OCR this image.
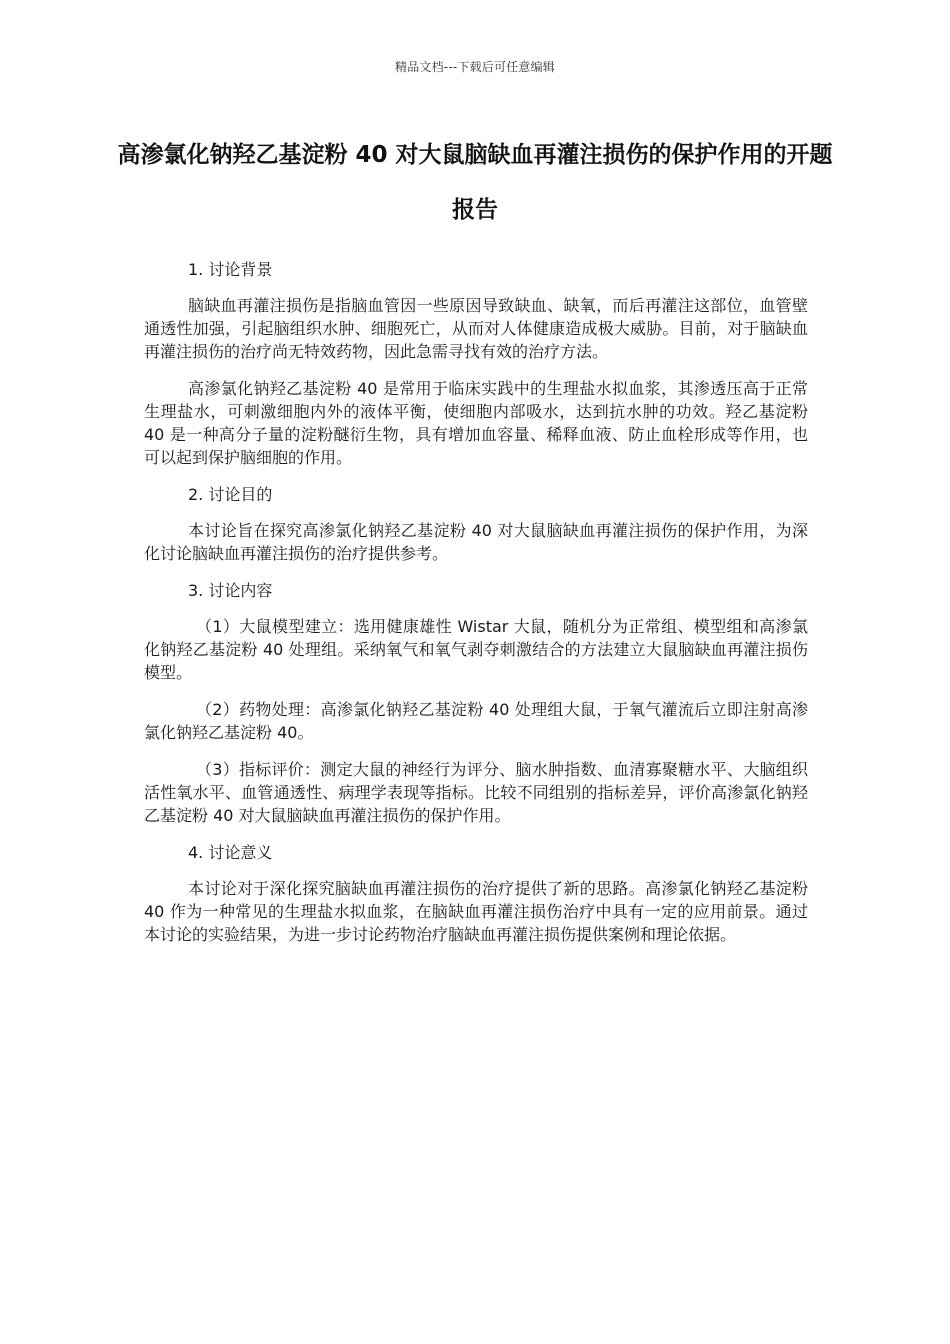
精品文档---下载后可任意编辑
高渗氯化钠羟乙基淀粉 40 对大鼠脑缺血再灌注损伤的保护作用的开题报告

1. 讨论背景

脑缺血再灌注损伤是指脑血管因一些原因导致缺血、缺氧，而后再灌注这部位，血管壁通透性加强，引起脑组织水肿、细胞死亡，从而对人体健康造成极大威胁。目前，对于脑缺血再灌注损伤的治疗尚无特效药物，因此急需寻找有效的治疗方法。

高渗氯化钠羟乙基淀粉 40 是常用于临床实践中的生理盐水拟血浆，其渗透压高于正常生理盐水，可刺激细胞内外的液体平衡，使细胞内部吸水，达到抗水肿的功效。羟乙基淀粉 40 是一种高分子量的淀粉醚衍生物，具有增加血容量、稀释血液、防止血栓形成等作用，也可以起到保护脑细胞的作用。

2. 讨论目的

本讨论旨在探究高渗氯化钠羟乙基淀粉 40 对大鼠脑缺血再灌注损伤的保护作用，为深化讨论脑缺血再灌注损伤的治疗提供参考。

3. 讨论内容

（1）大鼠模型建立：选用健康雄性 Wistar 大鼠，随机分为正常组、模型组和高渗氯化钠羟乙基淀粉 40 处理组。采纳氧气和氧气剥夺刺激结合的方法建立大鼠脑缺血再灌注损伤模型。

（2）药物处理：高渗氯化钠羟乙基淀粉 40 处理组大鼠，于氧气灌流后立即注射高渗氯化钠羟乙基淀粉 40。

（3）指标评价：测定大鼠的神经行为评分、脑水肿指数、血清寡聚糖水平、大脑组织活性氧水平、血管通透性、病理学表现等指标。比较不同组别的指标差异，评价高渗氯化钠羟乙基淀粉 40 对大鼠脑缺血再灌注损伤的保护作用。

4. 讨论意义

本讨论对于深化探究脑缺血再灌注损伤的治疗提供了新的思路。高渗氯化钠羟乙基淀粉 40 作为一种常见的生理盐水拟血浆，在脑缺血再灌注损伤治疗中具有一定的应用前景。通过本讨论的实验结果，为进一步讨论药物治疗脑缺血再灌注损伤提供案例和理论依据。
